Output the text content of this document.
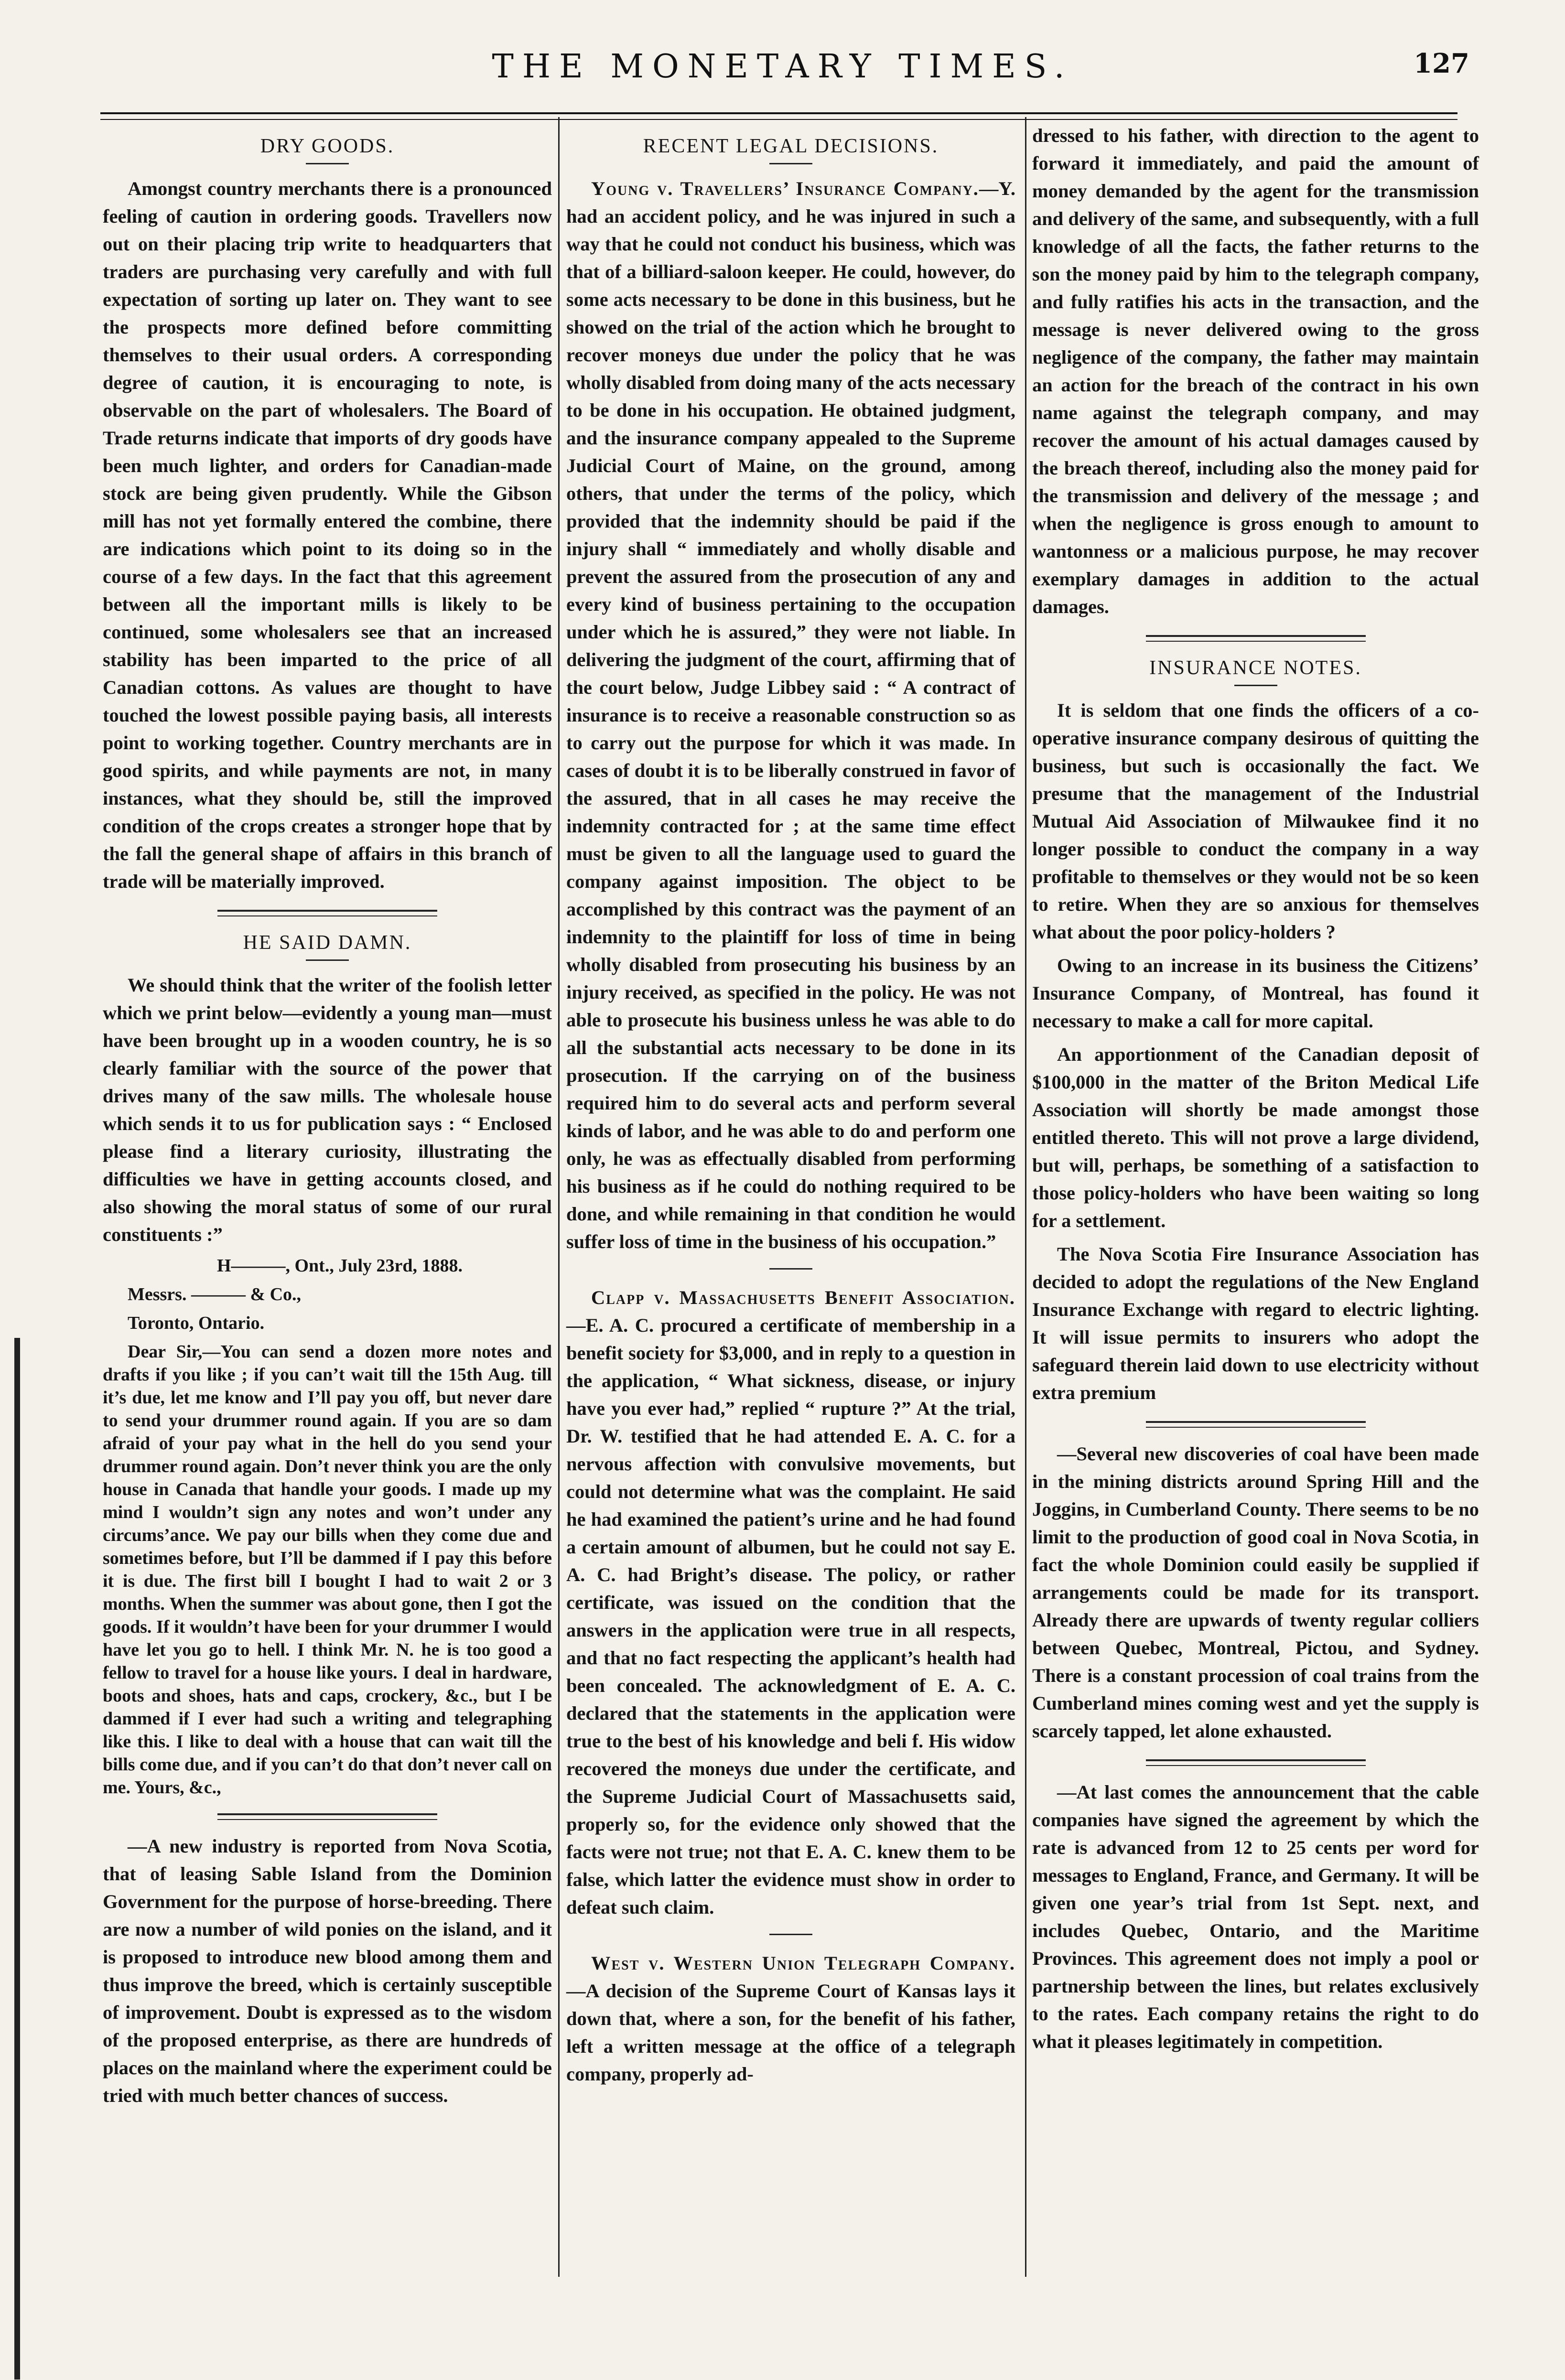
THE MONETARY TIMES.	127
DRY GOODS.

Amongst country merchants there is a pronounced feeling of caution in ordering goods. Travellers now out on their placing trip write to headquarters that traders are purchasing very carefully and with full expectation of sorting up later on. They want to see the prospects more defined before committing themselves to their usual orders. A corresponding degree of caution, it is encouraging to note, is observable on the part of wholesalers. The Board of Trade returns indicate that imports of dry goods have been much lighter, and orders for Canadian-made stock are being given prudently. While the Gibson mill has not yet formally entered the combine, there are indications which point to its doing so in the course of a few days. In the fact that this agreement between all the important mills is likely to be continued, some wholesalers see that an increased stability has been imparted to the price of all Canadian cottons. As values are thought to have touched the lowest possible paying basis, all interests point to working together. Country merchants are in good spirits, and while payments are not, in many instances, what they should be, still the improved condition of the crops creates a stronger hope that by the fall the general shape of affairs in this branch of trade will be materially improved.

HE SAID DAMN.

We should think that the writer of the foolish letter which we print below—evidently a young man—must have been brought up in a wooden country, he is so clearly familiar with the source of the power that drives many of the saw mills. The wholesale house which sends it to us for publication says : “ Enclosed please find a literary curiosity, illustrating the difficulties we have in getting accounts closed, and also showing the moral status of some of our rural constituents :”

H———, Ont., July 23rd, 1888.

Messrs. ——— & Co.,

Toronto, Ontario.

Dear Sir,—You can send a dozen more notes and drafts if you like ; if you can’t wait till the 15th Aug. till it’s due, let me know and I’ll pay you off, but never dare to send your drummer round again. If you are so dam afraid of your pay what in the hell do you send your drummer round again. Don’t never think you are the only house in Canada that handle your goods. I made up my mind I wouldn’t sign any notes and won’t under any circums’ance. We pay our bills when they come due and sometimes before, but I’ll be dammed if I pay this before it is due. The first bill I bought I had to wait 2 or 3 months. When the summer was about gone, then I got the goods. If it wouldn’t have been for your drummer I would have let you go to hell. I think Mr. N. he is too good a fellow to travel for a house like yours. I deal in hardware, boots and shoes, hats and caps, crockery, &c., but I be dammed if I ever had such a writing and telegraphing like this. I like to deal with a house that can wait till the bills come due, and if you can’t do that don’t never call on me. Yours, &c.,

—A new industry is reported from Nova Scotia, that of leasing Sable Island from the Dominion Government for the purpose of horse-breeding. There are now a number of wild ponies on the island, and it is proposed to introduce new blood among them and thus improve the breed, which is certainly susceptible of improvement. Doubt is expressed as to the wisdom of the proposed enterprise, as there are hundreds of places on the mainland where the experiment could be tried with much better chances of success.

RECENT LEGAL DECISIONS.

Young v. Travellers’ Insurance Company.—Y. had an accident policy, and he was injured in such a way that he could not conduct his business, which was that of a billiard-saloon keeper. He could, however, do some acts necessary to be done in this business, but he showed on the trial of the action which he brought to recover moneys due under the policy that he was wholly disabled from doing many of the acts necessary to be done in his occupation. He obtained judgment, and the insurance company appealed to the Supreme Judicial Court of Maine, on the ground, among others, that under the terms of the policy, which provided that the indemnity should be paid if the injury shall “ immediately and wholly disable and prevent the assured from the prosecution of any and every kind of business pertaining to the occupation under which he is assured,” they were not liable. In delivering the judgment of the court, affirming that of the court below, Judge Libbey said : “ A contract of insurance is to receive a reasonable construction so as to carry out the purpose for which it was made. In cases of doubt it is to be liberally construed in favor of the assured, that in all cases he may receive the indemnity contracted for ; at the same time effect must be given to all the language used to guard the company against imposition. The object to be accomplished by this contract was the payment of an indemnity to the plaintiff for loss of time in being wholly disabled from prosecuting his business by an injury received, as specified in the policy. He was not able to prosecute his business unless he was able to do all the substantial acts necessary to be done in its prosecution. If the carrying on of the business required him to do several acts and perform several kinds of labor, and he was able to do and perform one only, he was as effectually disabled from performing his business as if he could do nothing required to be done, and while remaining in that condition he would suffer loss of time in the business of his occupation.”

Clapp v. Massachusetts Benefit Association.—E. A. C. procured a certificate of membership in a benefit society for $3,000, and in reply to a question in the application, “ What sickness, disease, or injury have you ever had,” replied “ rupture ?” At the trial, Dr. W. testified that he had attended E. A. C. for a nervous affection with convulsive movements, but could not determine what was the complaint. He said he had examined the patient’s urine and he had found a certain amount of albumen, but he could not say E. A. C. had Bright’s disease. The policy, or rather certificate, was issued on the condition that the answers in the application were true in all respects, and that no fact respecting the applicant’s health had been concealed. The acknowledgment of E. A. C. declared that the statements in the application were true to the best of his knowledge and beli f. His widow recovered the moneys due under the certificate, and the Supreme Judicial Court of Massachusetts said, properly so, for the evidence only showed that the facts were not true; not that E. A. C. knew them to be false, which latter the evidence must show in order to defeat such claim.

West v. Western Union Telegraph Company.—A decision of the Supreme Court of Kansas lays it down that, where a son, for the benefit of his father, left a written message at the office of a telegraph company, properly ad-

dressed to his father, with direction to the agent to forward it immediately, and paid the amount of money demanded by the agent for the transmission and delivery of the same, and subsequently, with a full knowledge of all the facts, the father returns to the son the money paid by him to the telegraph company, and fully ratifies his acts in the transaction, and the message is never delivered owing to the gross negligence of the company, the father may maintain an action for the breach of the contract in his own name against the telegraph company, and may recover the amount of his actual damages caused by the breach thereof, including also the money paid for the transmission and delivery of the message ; and when the negligence is gross enough to amount to wantonness or a malicious purpose, he may recover exemplary damages in addition to the actual damages.

INSURANCE NOTES.

It is seldom that one finds the officers of a co-operative insurance company desirous of quitting the business, but such is occasionally the fact. We presume that the management of the Industrial Mutual Aid Association of Milwaukee find it no longer possible to conduct the company in a way profitable to themselves or they would not be so keen to retire. When they are so anxious for themselves what about the poor policy-holders ?

Owing to an increase in its business the Citizens’ Insurance Company, of Montreal, has found it necessary to make a call for more capital.

An apportionment of the Canadian deposit of $100,000 in the matter of the Briton Medical Life Association will shortly be made amongst those entitled thereto. This will not prove a large dividend, but will, perhaps, be something of a satisfaction to those policy-holders who have been waiting so long for a settlement.

The Nova Scotia Fire Insurance Association has decided to adopt the regulations of the New England Insurance Exchange with regard to electric lighting. It will issue permits to insurers who adopt the safeguard therein laid down to use electricity without extra premium

—Several new discoveries of coal have been made in the mining districts around Spring Hill and the Joggins, in Cumberland County. There seems to be no limit to the production of good coal in Nova Scotia, in fact the whole Dominion could easily be supplied if arrangements could be made for its transport. Already there are upwards of twenty regular colliers between Quebec, Montreal, Pictou, and Sydney. There is a constant procession of coal trains from the Cumberland mines coming west and yet the supply is scarcely tapped, let alone exhausted.

—At last comes the announcement that the cable companies have signed the agreement by which the rate is advanced from 12 to 25 cents per word for messages to England, France, and Germany. It will be given one year’s trial from 1st Sept. next, and includes Quebec, Ontario, and the Maritime Provinces. This agreement does not imply a pool or partnership between the lines, but relates exclusively to the rates. Each company retains the right to do what it pleases legitimately in competition.
